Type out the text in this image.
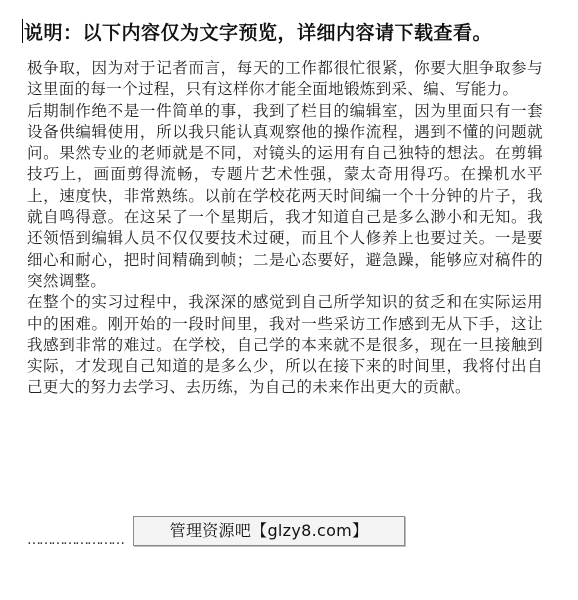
说明：以下内容仅为文字预览，详细内容请下载查看。

极争取，因为对于记者而言，每天的工作都很忙很紧，你要大胆争取参与这里面的每一个过程，只有这样你才能全面地锻炼到采、编、写能力。

后期制作绝不是一件简单的事，我到了栏目的编辑室，因为里面只有一套设备供编辑使用，所以我只能认真观察他的操作流程，遇到不懂的问题就问。果然专业的老师就是不同，对镜头的运用有自己独特的想法。在剪辑技巧上，画面剪得流畅，专题片艺术性强，蒙太奇用得巧。在操机水平上，速度快，非常熟练。以前在学校花两天时间编一个十分钟的片子，我就自鸣得意。在这呆了一个星期后，我才知道自己是多么渺小和无知。我还领悟到编辑人员不仅仅要技术过硬，而且个人修养上也要过关。一是要细心和耐心，把时间精确到帧；二是心态要好，避急躁，能够应对稿件的突然调整。

在整个的实习过程中，我深深的感觉到自己所学知识的贫乏和在实际运用中的困难。刚开始的一段时间里，我对一些采访工作感到无从下手，这让我感到非常的难过。在学校，自己学的本来就不是很多，现在一旦接触到实际，才发现自己知道的是多么少，所以在接下来的时间里，我将付出自己更大的努力去学习、去历练，为自己的未来作出更大的贡献。

……………………	管理资源吧【glzy8.com】
